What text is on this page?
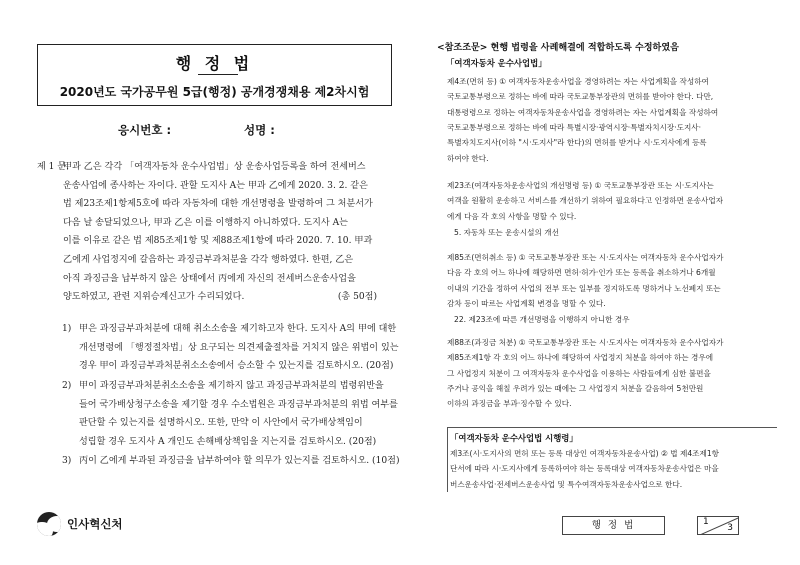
행 정 법
2020년도 국가공무원 5급(행정) 공개경쟁채용 제2차시험
응시번호 :	성명 :
제 1 문.
甲과 乙은 각각 「여객자동차 운수사업법」상 운송사업등록을 하여 전세버스
운송사업에 종사하는 자이다. 관할 도지사 A는 甲과 乙에게 2020. 3. 2. 같은
법 제23조제1항제5호에 따라 자동차에 대한 개선명령을 발령하여 그 처분서가
다음 날 송달되었으나, 甲과 乙은 이를 이행하지 아니하였다. 도지사 A는
이를 이유로 같은 법 제85조제1항 및 제88조제1항에 따라 2020. 7. 10. 甲과
乙에게 사업정지에 갈음하는 과징금부과처분을 각각 행하였다. 한편, 乙은
아직 과징금을 납부하지 않은 상태에서 丙에게 자신의 전세버스운송사업을
양도하였고, 관련 지위승계신고가 수리되었다.	(총 50점)
1) 甲은 과징금부과처분에 대해 취소소송을 제기하고자 한다. 도지사 A의 甲에 대한
개선명령에 「행정절차법」상 요구되는 의견제출절차를 거치지 않은 위법이 있는
경우 甲이 과징금부과처분취소소송에서 승소할 수 있는지를 검토하시오. (20점)
2) 甲이 과징금부과처분취소소송을 제기하지 않고 과징금부과처분의 법령위반을
들어 국가배상청구소송을 제기할 경우 수소법원은 과징금부과처분의 위법 여부를
판단할 수 있는지를 설명하시오. 또한, 만약 이 사안에서 국가배상책임이
성립할 경우 도지사 A 개인도 손해배상책임을 지는지를 검토하시오. (20점)
3) 丙이 乙에게 부과된 과징금을 납부하여야 할 의무가 있는지를 검토하시오. (10점)
인사혁신처
<참조조문> 현행 법령을 사례해결에 적합하도록 수정하였음
「여객자동차 운수사업법」
제4조(면허 등) ① 여객자동차운송사업을 경영하려는 자는 사업계획을 작성하여
국토교통부령으로 정하는 바에 따라 국토교통부장관의 면허를 받아야 한다. 다만,
대통령령으로 정하는 여객자동차운송사업을 경영하려는 자는 사업계획을 작성하여
국토교통부령으로 정하는 바에 따라 특별시장·광역시장·특별자치시장·도지사·
특별자치도지사(이하 "시·도지사"라 한다)의 면허를 받거나 시·도지사에게 등록
하여야 한다.
제23조(여객자동차운송사업의 개선명령 등) ① 국토교통부장관 또는 시·도지사는
여객을 원활히 운송하고 서비스를 개선하기 위하여 필요하다고 인정하면 운송사업자
에게 다음 각 호의 사항을 명할 수 있다.
5. 자동차 또는 운송시설의 개선
제85조(면허취소 등) ① 국토교통부장관 또는 시·도지사는 여객자동차 운수사업자가
다음 각 호의 어느 하나에 해당하면 면허·허가·인가 또는 등록을 취소하거나 6개월
이내의 기간을 정하여 사업의 전부 또는 일부를 정지하도록 명하거나 노선폐지 또는
감차 등이 따르는 사업계획 변경을 명할 수 있다.
22. 제23조에 따른 개선명령을 이행하지 아니한 경우
제88조(과징금 처분) ① 국토교통부장관 또는 시·도지사는 여객자동차 운수사업자가
제85조제1항 각 호의 어느 하나에 해당하여 사업정지 처분을 하여야 하는 경우에
그 사업정지 처분이 그 여객자동차 운수사업을 이용하는 사람들에게 심한 불편을
주거나 공익을 해칠 우려가 있는 때에는 그 사업정지 처분을 갈음하여 5천만원
이하의 과징금을 부과·징수할 수 있다.
「여객자동차 운수사업법 시행령」
제3조(시·도지사의 면허 또는 등록 대상인 여객자동차운송사업) ② 법 제4조제1항
단서에 따라 시·도지사에게 등록하여야 하는 등록대상 여객자동차운송사업은 마을
버스운송사업·전세버스운송사업 및 특수여객자동차운송사업으로 한다.
행 정 법	1
3
